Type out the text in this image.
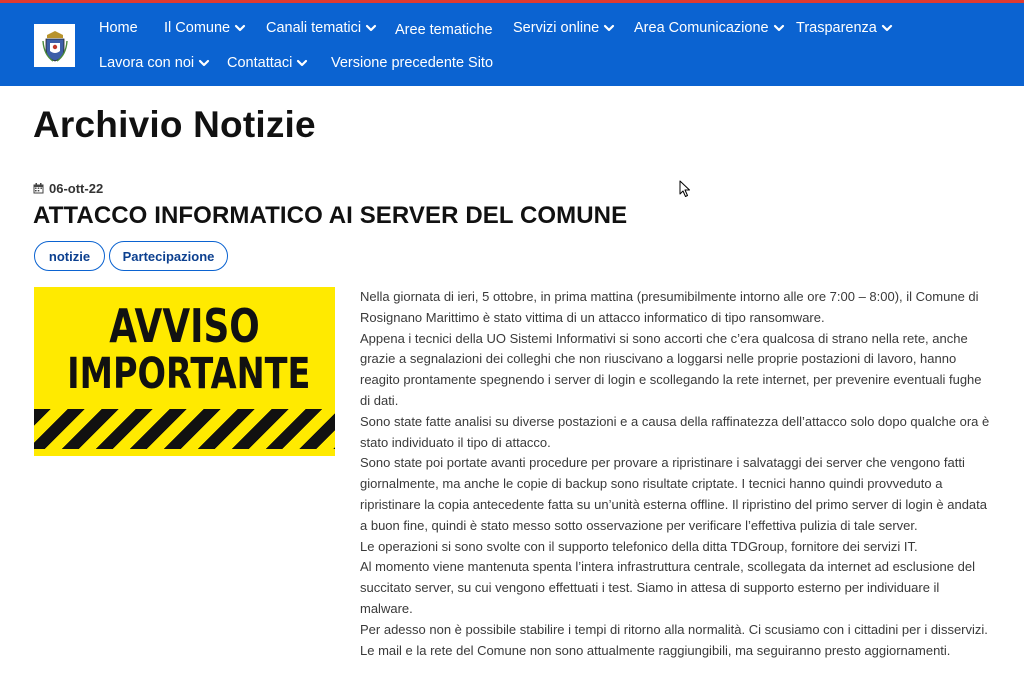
Home Il Comune Canali tematici Aree tematiche Servizi online Area Comunicazione Trasparenza
Lavora con noi Contattaci	Versione precedente Sito
Archivio Notizie
06-ott-22
ATTACCO INFORMATICO AI SERVER DEL COMUNE
notizie	Partecipazione
AVVISO
IMPORTANTE

Nella giornata di ieri, 5 ottobre, in prima mattina (presumibilmente intorno alle ore 7:00 – 8:00), il Comune di Rosignano Marittimo è stato vittima di un attacco informatico di tipo ransomware.

Appena i tecnici della UO Sistemi Informativi si sono accorti che c’era qualcosa di strano nella rete, anche grazie a segnalazioni dei colleghi che non riuscivano a loggarsi nelle proprie postazioni di lavoro, hanno reagito prontamente spegnendo i server di login e scollegando la rete internet, per prevenire eventuali fughe di dati.

Sono state fatte analisi su diverse postazioni e a causa della raffinatezza dell’attacco solo dopo qualche ora è stato individuato il tipo di attacco.

Sono state poi portate avanti procedure per provare a ripristinare i salvataggi dei server che vengono fatti giornalmente, ma anche le copie di backup sono risultate criptate. I tecnici hanno quindi provveduto a ripristinare la copia antecedente fatta su un’unità esterna offline. Il ripristino del primo server di login è andata a buon fine, quindi è stato messo sotto osservazione per verificare l’effettiva pulizia di tale server.

Le operazioni si sono svolte con il supporto telefonico della ditta TDGroup, fornitore dei servizi IT.

Al momento viene mantenuta spenta l’intera infrastruttura centrale, scollegata da internet ad esclusione del succitato server, su cui vengono effettuati i test. Siamo in attesa di supporto esterno per individuare il malware.

Per adesso non è possibile stabilire i tempi di ritorno alla normalità. Ci scusiamo con i cittadini per i disservizi.

Le mail e la rete del Comune non sono attualmente raggiungibili, ma seguiranno presto aggiornamenti.
